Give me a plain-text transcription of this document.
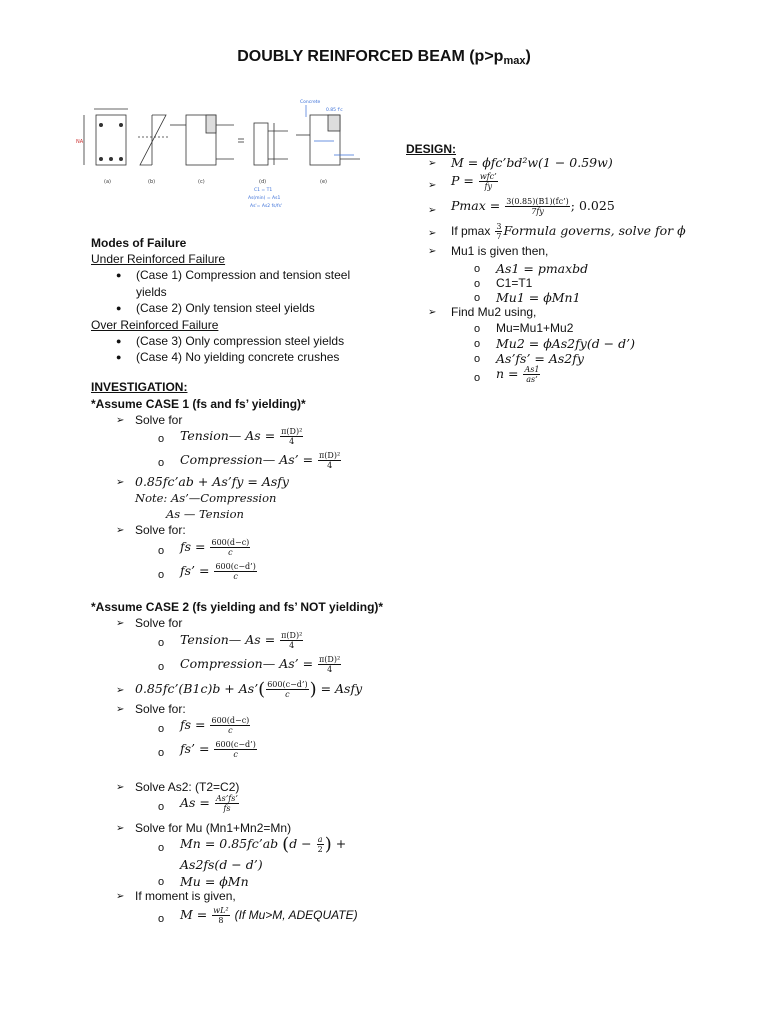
DOUBLY REINFORCED BEAM $(p>p_{max})$
(a)	(b)	(c)	(d)	(e)
Concrete
0.85 f'c
C1 = T1
As(min) = As1
As'= As2 fs/fs'
NA
Modes of Failure
Under Reinforced Failure
● (Case 1) Compression and tension steel
yields
● (Case 2) Only tension steel yields
Over Reinforced Failure
● (Case 3) Only compression steel yields
● (Case 4) No yielding concrete crushes
INVESTIGATION:
*Assume CASE 1 (fs and fs’ yielding)*
➢ Solve for
o Tension— $As = \frac{\text{π(D)²}}{4}$
o Compression— As’ = $\frac{\text{π(D)²}}{4}$
➢ 0.85fc’ab + As’fy = Asfy
Note: As’—Compression
As — Tension
➢ Solve for:
o fs = $\frac{600(d-c)}{c}$
o fs’ = $\frac{600(c-d’)}{c}$
*Assume CASE 2 (fs yielding and fs’ NOT yielding)*
➢ Solve for
o Tension— $As = \frac{\text{π(D)²}}{4}$
o Compression— As’ = $\frac{\text{π(D)²}}{4}$
➢ 0.85fc’(B1c)b + As’( $\frac{600(c-d’)}{c}$ ) = Asfy
➢ Solve for:
o fs = $\frac{600(d-c)}{c}$
o fs’ = $\frac{600(c-d’)}{c}$
➢ Solve As2: (T2=C2)
o $As = \frac{As’fs’}{fs}$
➢ Solve for Mu (Mn1+Mn2=Mn)
o Mn = 0.85fc’ab ($d - \frac{a}{2}$ ) +
As2fs(d − d’)
o Mu = ϕMn
➢ If moment is given,
o $M = \frac{\text{wL²}}{8} (If$ Mu>M, ADEQUATE)
DESIGN:
➢ M = ϕfc’bd²w(1 − 0.59w)
➢ $P = \frac{\text{wfc’}}{fy}$
➢ $Pmax = \frac{3(0.85)(B1)(fc’)}{7fy}$ ; 0.025
➢ If pmax $\frac{3}{7}$ Formula governs, solve for ϕ
➢ Mu1 is given then,
o As1 = pmaxbd
o C1=T1
o Mu1 = ϕMn1
➢ Find Mu2 using,
o Mu=Mu1+Mu2
o Mu2 = ϕAs2fy(d − d’)
o As’fs’ = As2fy
o $n = \frac{As1}{as’}$
